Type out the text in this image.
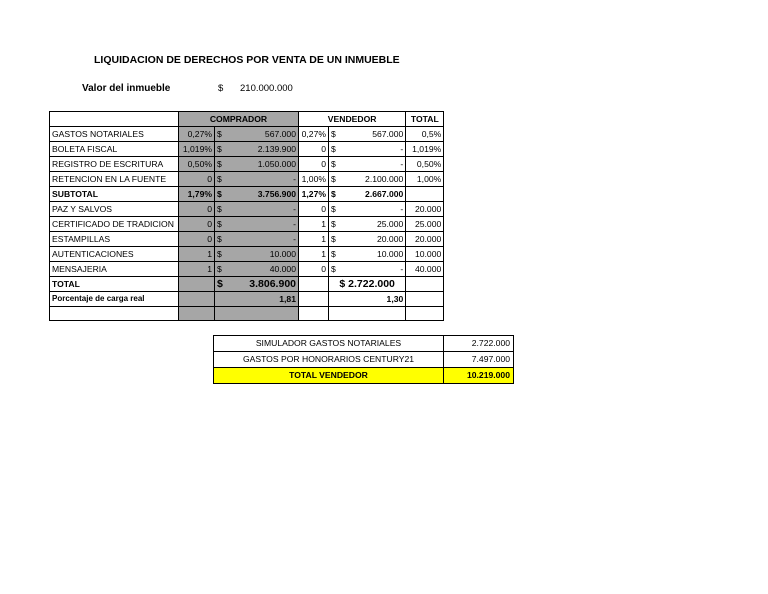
LIQUIDACION DE DERECHOS POR VENTA DE UN INMUEBLE
Valor del inmueble	$ 210.000.000
	COMPRADOR			VENDEDOR			TOTAL
GASTOS NOTARIALES	0,27%	$	567.000	0,27%	$	567.000	0,5%
BOLETA FISCAL	1,019%	$	2.139.900	0	$	-	1,019%
REGISTRO DE ESCRITURA	0,50%	$	1.050.000	0	$	-	0,50%
RETENCION EN LA FUENTE	0	$	-	1,00%	$	2.100.000	1,00%
SUBTOTAL	1,79%	$	3.756.900	1,27%	$	2.667.000	
PAZ Y SALVOS	0	$	-	0	$	-	20.000
CERTIFICADO DE TRADICION	0	$	-	1	$	25.000	25.000
ESTAMPILLAS	0	$	-	1	$	20.000	20.000
AUTENTICACIONES	1	$	10.000	1	$	10.000	10.000
MENSAJERIA	1	$	40.000	0	$	-	40.000
TOTAL		$	3.806.900		$ 2.722.000		
Porcentaje de carga real		1,81			1,30		

SIMULADOR GASTOS NOTARIALES	2.722.000
GASTOS POR HONORARIOS CENTURY21	7.497.000
TOTAL VENDEDOR	10.219.000
